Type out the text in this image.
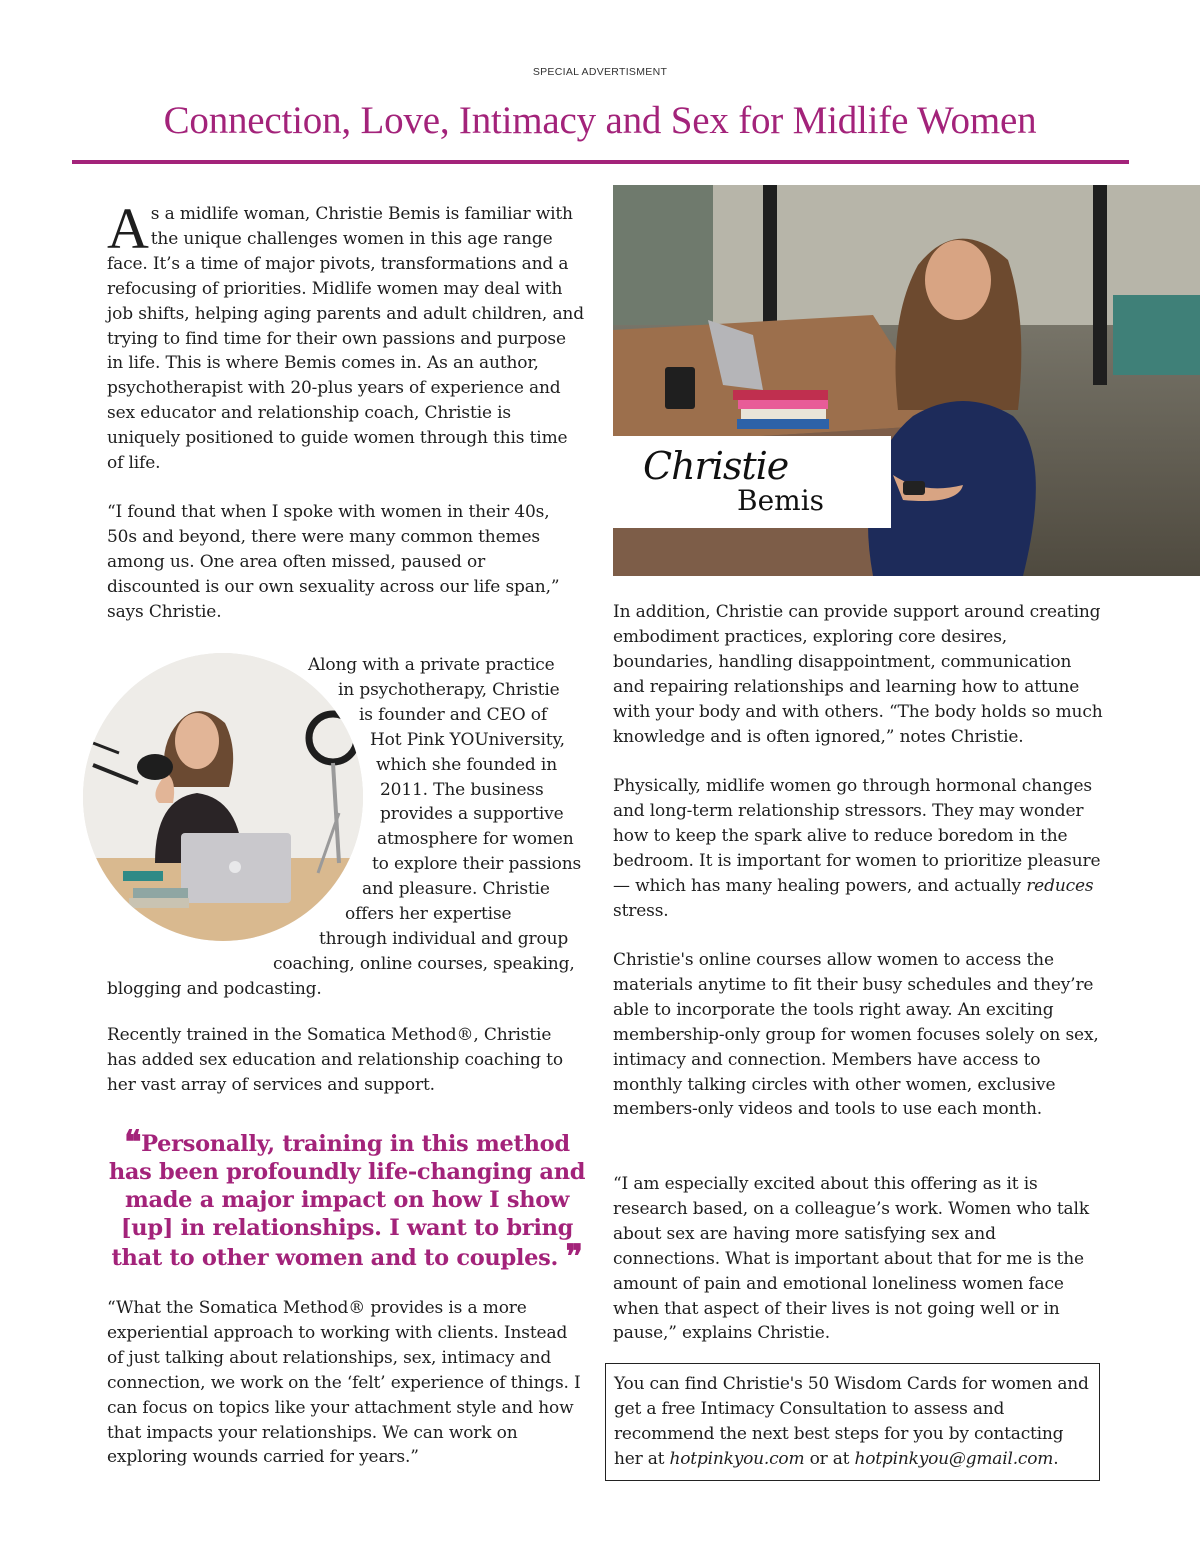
SPECIAL ADVERTISMENT
Connection, Love, Intimacy and Sex for Midlife Women

As a midlife woman, Christie Bemis is familiar with the unique challenges women in this age range face. It’s a time of major pivots, transformations and a refocusing of priorities. Midlife women may deal with job shifts, helping aging parents and adult children, and trying to find time for their own passions and purpose in life. This is where Bemis comes in. As an author, psychotherapist with 20-plus years of experience and sex educator and relationship coach, Christie is uniquely positioned to guide women through this time of life.

“I found that when I spoke with women in their 40s, 50s and beyond, there were many common themes among us. One area often missed, paused or discounted is our own sexuality across our life span,” says Christie.

Along with a private practice
in psychotherapy, Christie
is founder and CEO of
Hot Pink YOUniversity,
which she founded in
2011. The business
provides a supportive
atmosphere for women
to explore their passions
and pleasure. Christie
offers her expertise
through individual and group
coaching, online courses, speaking,
blogging and podcasting.

Recently trained in the Somatica Method®, Christie has added sex education and relationship coaching to her vast array of services and support.

❝Personally, training in this method has been profoundly life-changing and made a major impact on how I show [up] in relationships. I want to bring that to other women and to couples. ❞

“What the Somatica Method® provides is a more experiential approach to working with clients. Instead of just talking about relationships, sex, intimacy and connection, we work on the ‘felt’ experience of things. I can focus on topics like your attachment style and how that impacts your relationships. We can work on exploring wounds carried for years.”

Christie
Bemis

In addition, Christie can provide support around creating embodiment practices, exploring core desires, boundaries, handling disappointment, communication and repairing relationships and learning how to attune with your body and with others. “The body holds so much knowledge and is often ignored,” notes Christie.

Physically, midlife women go through hormonal changes and long-term relationship stressors. They may wonder how to keep the spark alive to reduce boredom in the bedroom. It is important for women to prioritize pleasure — which has many healing powers, and actually reduces stress.

Christie's online courses allow women to access the materials anytime to fit their busy schedules and they’re able to incorporate the tools right away. An exciting membership-only group for women focuses solely on sex, intimacy and connection. Members have access to monthly talking circles with other women, exclusive members-only videos and tools to use each month.

“I am especially excited about this offering as it is research based, on a colleague’s work. Women who talk about sex are having more satisfying sex and connections. What is important about that for me is the amount of pain and emotional loneliness women face when that aspect of their lives is not going well or in pause,” explains Christie.

You can find Christie's 50 Wisdom Cards for women and get a free Intimacy Consultation to assess and recommend the next best steps for you by contacting her at hotpinkyou.com or at hotpinkyou@gmail.com.
